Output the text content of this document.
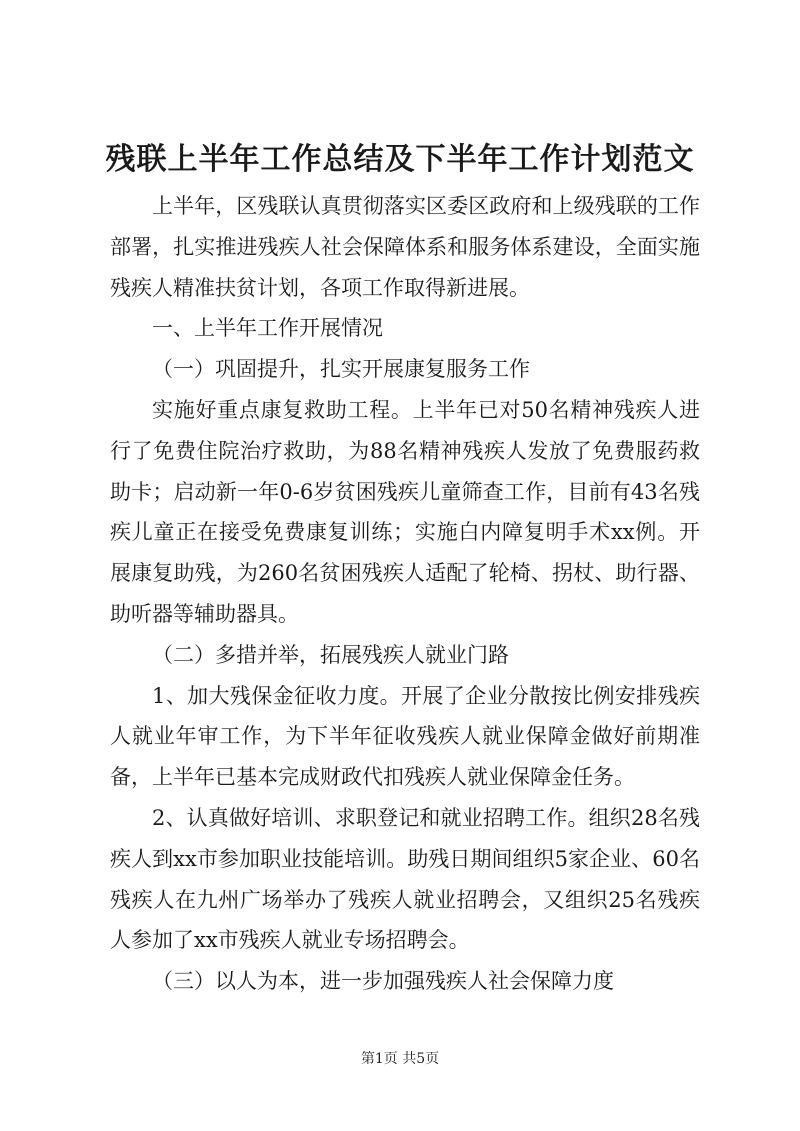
残联上半年工作总结及下半年工作计划范文

上半年，区残联认真贯彻落实区委区政府和上级残联的工作部署，扎实推进残疾人社会保障体系和服务体系建设，全面实施残疾人精准扶贫计划，各项工作取得新进展。

一、上半年工作开展情况

（一）巩固提升，扎实开展康复服务工作

实施好重点康复救助工程。上半年已对50名精神残疾人进行了免费住院治疗救助，为88名精神残疾人发放了免费服药救助卡；启动新一年0-6岁贫困残疾儿童筛查工作，目前有43名残疾儿童正在接受免费康复训练；实施白内障复明手术xx例。开展康复助残，为260名贫困残疾人适配了轮椅、拐杖、助行器、助听器等辅助器具。

（二）多措并举，拓展残疾人就业门路

1、加大残保金征收力度。开展了企业分散按比例安排残疾人就业年审工作，为下半年征收残疾人就业保障金做好前期准备，上半年已基本完成财政代扣残疾人就业保障金任务。

2、认真做好培训、求职登记和就业招聘工作。组织28名残疾人到xx市参加职业技能培训。助残日期间组织5家企业、60名残疾人在九州广场举办了残疾人就业招聘会，又组织25名残疾人参加了xx市残疾人就业专场招聘会。

（三）以人为本，进一步加强残疾人社会保障力度

第1页 共5页
